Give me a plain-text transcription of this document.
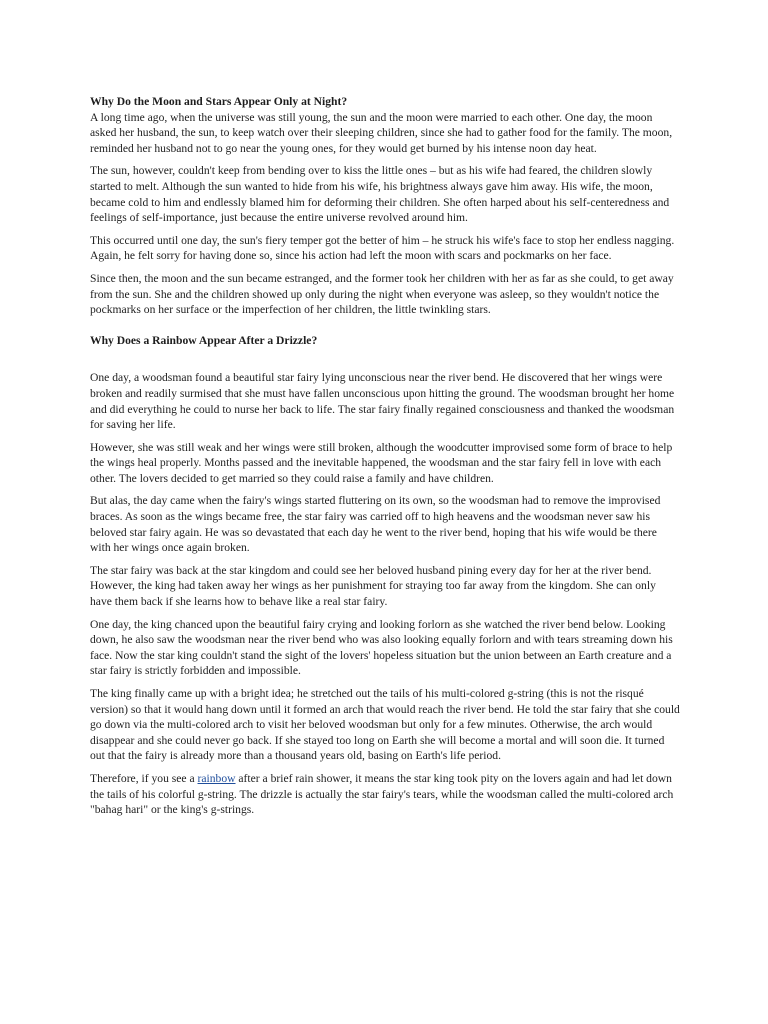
Why Do the Moon and Stars Appear Only at Night?

A long time ago, when the universe was still young, the sun and the moon were married to each other. One day, the moon asked her husband, the sun, to keep watch over their sleeping children, since she had to gather food for the family. The moon, reminded her husband not to go near the young ones, for they would get burned by his intense noon day heat.

The sun, however, couldn't keep from bending over to kiss the little ones – but as his wife had feared, the children slowly started to melt. Although the sun wanted to hide from his wife, his brightness always gave him away. His wife, the moon, became cold to him and endlessly blamed him for deforming their children. She often harped about his self-centeredness and feelings of self-importance, just because the entire universe revolved around him.

This occurred until one day, the sun's fiery temper got the better of him – he struck his wife's face to stop her endless nagging. Again, he felt sorry for having done so, since his action had left the moon with scars and pockmarks on her face.

Since then, the moon and the sun became estranged, and the former took her children with her as far as she could, to get away from the sun. She and the children showed up only during the night when everyone was asleep, so they wouldn't notice the pockmarks on her surface or the imperfection of her children, the little twinkling stars.

Why Does a Rainbow Appear After a Drizzle?

One day, a woodsman found a beautiful star fairy lying unconscious near the river bend. He discovered that her wings were broken and readily surmised that she must have fallen unconscious upon hitting the ground. The woodsman brought her home and did everything he could to nurse her back to life. The star fairy finally regained consciousness and thanked the woodsman for saving her life.

However, she was still weak and her wings were still broken, although the woodcutter improvised some form of brace to help the wings heal properly. Months passed and the inevitable happened, the woodsman and the star fairy fell in love with each other. The lovers decided to get married so they could raise a family and have children.

But alas, the day came when the fairy's wings started fluttering on its own, so the woodsman had to remove the improvised braces. As soon as the wings became free, the star fairy was carried off to high heavens and the woodsman never saw his beloved star fairy again. He was so devastated that each day he went to the river bend, hoping that his wife would be there with her wings once again broken.

The star fairy was back at the star kingdom and could see her beloved husband pining every day for her at the river bend. However, the king had taken away her wings as her punishment for straying too far away from the kingdom. She can only have them back if she learns how to behave like a real star fairy.

One day, the king chanced upon the beautiful fairy crying and looking forlorn as she watched the river bend below. Looking down, he also saw the woodsman near the river bend who was also looking equally forlorn and with tears streaming down his face. Now the star king couldn't stand the sight of the lovers' hopeless situation but the union between an Earth creature and a star fairy is strictly forbidden and impossible.

The king finally came up with a bright idea; he stretched out the tails of his multi-colored g-string (this is not the risqué version) so that it would hang down until it formed an arch that would reach the river bend. He told the star fairy that she could go down via the multi-colored arch to visit her beloved woodsman but only for a few minutes. Otherwise, the arch would disappear and she could never go back. If she stayed too long on Earth she will become a mortal and will soon die. It turned out that the fairy is already more than a thousand years old, basing on Earth's life period.

Therefore, if you see a rainbow after a brief rain shower, it means the star king took pity on the lovers again and had let down the tails of his colorful g-string. The drizzle is actually the star fairy's tears, while the woodsman called the multi-colored arch "bahag hari" or the king's g-strings.
